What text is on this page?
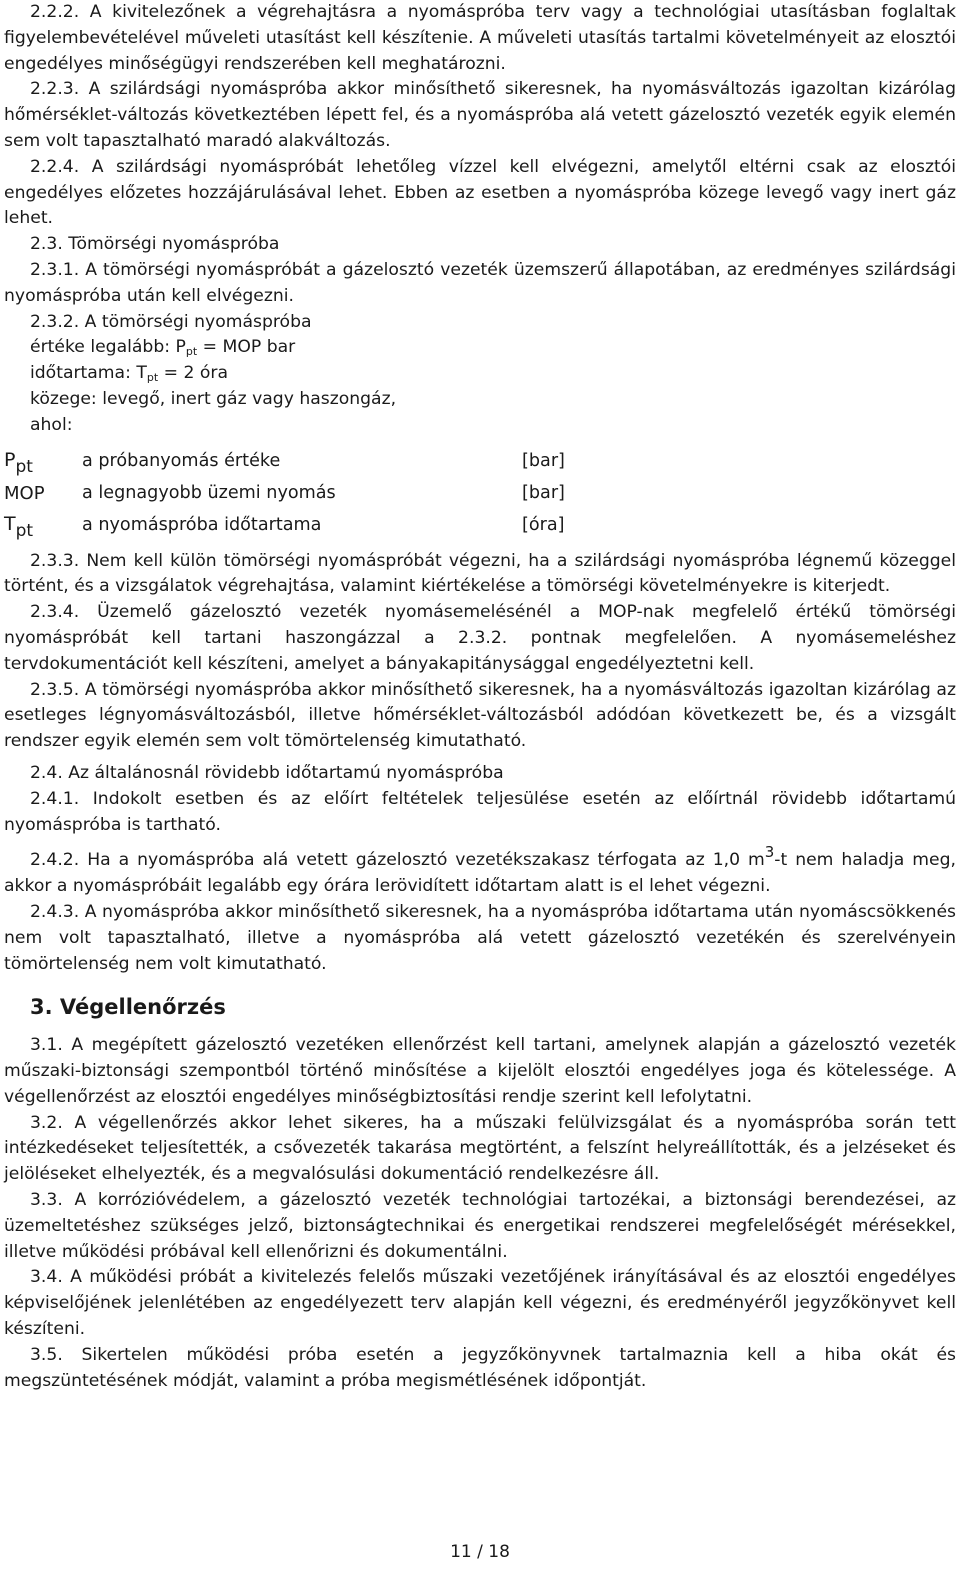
2.2.2. A kivitelezőnek a végrehajtásra a nyomáspróba terv vagy a technológiai utasításban foglaltak figyelembevételével műveleti utasítást kell készítenie. A műveleti utasítás tartalmi követelményeit az elosztói engedélyes minőségügyi rendszerében kell meghatározni.

2.2.3. A szilárdsági nyomáspróba akkor minősíthető sikeresnek, ha nyomásváltozás igazoltan kizárólag hőmérséklet-változás következtében lépett fel, és a nyomáspróba alá vetett gázelosztó vezeték egyik elemén sem volt tapasztalható maradó alakváltozás.

2.2.4. A szilárdsági nyomáspróbát lehetőleg vízzel kell elvégezni, amelytől eltérni csak az elosztói engedélyes előzetes hozzájárulásával lehet. Ebben az esetben a nyomáspróba közege levegő vagy inert gáz lehet.

2.3. Tömörségi nyomáspróba

2.3.1. A tömörségi nyomáspróbát a gázelosztó vezeték üzemszerű állapotában, az eredményes szilárdsági nyomáspróba után kell elvégezni.

2.3.2. A tömörségi nyomáspróba

értéke legalább: $P_{pt}$ = MOP bar

időtartama: $T_{pt} = 2$ óra

közege: levegő, inert gáz vagy haszongáz,

ahol:

Ppt	a próbanyomás értéke	[bar]
MOP	a legnagyobb üzemi nyomás	[bar]
Tpt	a nyomáspróba időtartama	[óra]

2.3.3. Nem kell külön tömörségi nyomáspróbát végezni, ha a szilárdsági nyomáspróba légnemű közeggel történt, és a vizsgálatok végrehajtása, valamint kiértékelése a tömörségi követelményekre is kiterjedt.

2.3.4. Üzemelő gázelosztó vezeték nyomásemelésénél a MOP-nak megfelelő értékű tömörségi nyomáspróbát kell tartani haszongázzal a 2.3.2. pontnak megfelelően. A nyomásemeléshez tervdokumentációt kell készíteni, amelyet a bányakapitánysággal engedélyeztetni kell.

2.3.5. A tömörségi nyomáspróba akkor minősíthető sikeresnek, ha a nyomásváltozás igazoltan kizárólag az esetleges légnyomásváltozásból, illetve hőmérséklet-változásból adódóan következett be, és a vizsgált rendszer egyik elemén sem volt tömörtelenség kimutatható.

2.4. Az általánosnál rövidebb időtartamú nyomáspróba

2.4.1. Indokolt esetben és az előírt feltételek teljesülése esetén az előírtnál rövidebb időtartamú nyomáspróba is tartható.

2.4.2. Ha a nyomáspróba alá vetett gázelosztó vezetékszakasz térfogata az 1,0 $m^3-t$ nem haladja meg, akkor a nyomáspróbáit legalább egy órára lerövidített időtartam alatt is el lehet végezni.

2.4.3. A nyomáspróba akkor minősíthető sikeresnek, ha a nyomáspróba időtartama után nyomáscsökkenés nem volt tapasztalható, illetve a nyomáspróba alá vetett gázelosztó vezetékén és szerelvényein tömörtelenség nem volt kimutatható.

3. Végellenőrzés

3.1. A megépített gázelosztó vezetéken ellenőrzést kell tartani, amelynek alapján a gázelosztó vezeték műszaki-biztonsági szempontból történő minősítése a kijelölt elosztói engedélyes joga és kötelessége. A végellenőrzést az elosztói engedélyes minőségbiztosítási rendje szerint kell lefolytatni.

3.2. A végellenőrzés akkor lehet sikeres, ha a műszaki felülvizsgálat és a nyomáspróba során tett intézkedéseket teljesítették, a csővezeték takarása megtörtént, a felszínt helyreállították, és a jelzéseket és jelöléseket elhelyezték, és a megvalósulási dokumentáció rendelkezésre áll.

3.3. A korrózióvédelem, a gázelosztó vezeték technológiai tartozékai, a biztonsági berendezései, az üzemeltetéshez szükséges jelző, biztonságtechnikai és energetikai rendszerei megfelelőségét mérésekkel, illetve működési próbával kell ellenőrizni és dokumentálni.

3.4. A működési próbát a kivitelezés felelős műszaki vezetőjének irányításával és az elosztói engedélyes képviselőjének jelenlétében az engedélyezett terv alapján kell végezni, és eredményéről jegyzőkönyvet kell készíteni.

3.5. Sikertelen működési próba esetén a jegyzőkönyvnek tartalmaznia kell a hiba okát és megszüntetésének módját, valamint a próba megismétlésének időpontját.

11 / 18
